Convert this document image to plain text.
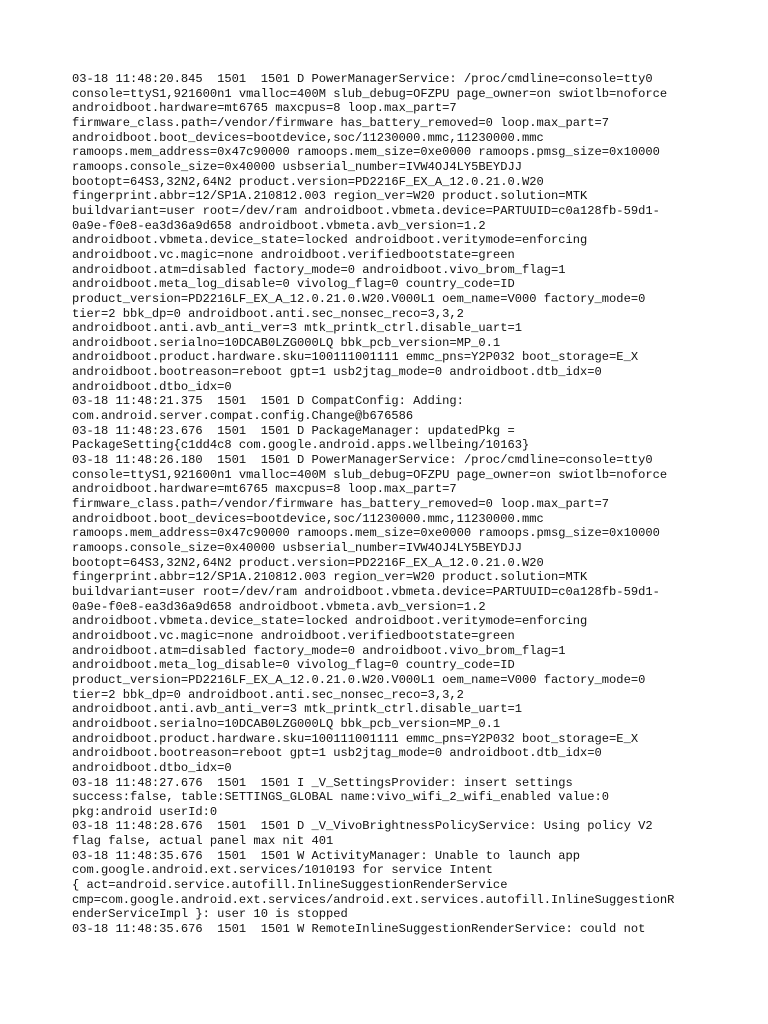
03-18 11:48:20.845  1501  1501 D PowerManagerService: /proc/cmdline=console=tty0
console=ttyS1,921600n1 vmalloc=400M slub_debug=OFZPU page_owner=on swiotlb=noforce
androidboot.hardware=mt6765 maxcpus=8 loop.max_part=7
firmware_class.path=/vendor/firmware has_battery_removed=0 loop.max_part=7
androidboot.boot_devices=bootdevice,soc/11230000.mmc,11230000.mmc
ramoops.mem_address=0x47c90000 ramoops.mem_size=0xe0000 ramoops.pmsg_size=0x10000
ramoops.console_size=0x40000 usbserial_number=IVW4OJ4LY5BEYDJJ
bootopt=64S3,32N2,64N2 product.version=PD2216F_EX_A_12.0.21.0.W20
fingerprint.abbr=12/SP1A.210812.003 region_ver=W20 product.solution=MTK
buildvariant=user root=/dev/ram androidboot.vbmeta.device=PARTUUID=c0a128fb-59d1-
0a9e-f0e8-ea3d36a9d658 androidboot.vbmeta.avb_version=1.2
androidboot.vbmeta.device_state=locked androidboot.veritymode=enforcing
androidboot.vc.magic=none androidboot.verifiedbootstate=green
androidboot.atm=disabled factory_mode=0 androidboot.vivo_brom_flag=1
androidboot.meta_log_disable=0 vivolog_flag=0 country_code=ID
product_version=PD2216LF_EX_A_12.0.21.0.W20.V000L1 oem_name=V000 factory_mode=0
tier=2 bbk_dp=0 androidboot.anti.sec_nonsec_reco=3,3,2
androidboot.anti.avb_anti_ver=3 mtk_printk_ctrl.disable_uart=1
androidboot.serialno=10DCAB0LZG000LQ bbk_pcb_version=MP_0.1
androidboot.product.hardware.sku=100111001111 emmc_pns=Y2P032 boot_storage=E_X
androidboot.bootreason=reboot gpt=1 usb2jtag_mode=0 androidboot.dtb_idx=0
androidboot.dtbo_idx=0
03-18 11:48:21.375  1501  1501 D CompatConfig: Adding:
com.android.server.compat.config.Change@b676586
03-18 11:48:23.676  1501  1501 D PackageManager: updatedPkg =
PackageSetting{c1dd4c8 com.google.android.apps.wellbeing/10163}
03-18 11:48:26.180  1501  1501 D PowerManagerService: /proc/cmdline=console=tty0
console=ttyS1,921600n1 vmalloc=400M slub_debug=OFZPU page_owner=on swiotlb=noforce
androidboot.hardware=mt6765 maxcpus=8 loop.max_part=7
firmware_class.path=/vendor/firmware has_battery_removed=0 loop.max_part=7
androidboot.boot_devices=bootdevice,soc/11230000.mmc,11230000.mmc
ramoops.mem_address=0x47c90000 ramoops.mem_size=0xe0000 ramoops.pmsg_size=0x10000
ramoops.console_size=0x40000 usbserial_number=IVW4OJ4LY5BEYDJJ
bootopt=64S3,32N2,64N2 product.version=PD2216F_EX_A_12.0.21.0.W20
fingerprint.abbr=12/SP1A.210812.003 region_ver=W20 product.solution=MTK
buildvariant=user root=/dev/ram androidboot.vbmeta.device=PARTUUID=c0a128fb-59d1-
0a9e-f0e8-ea3d36a9d658 androidboot.vbmeta.avb_version=1.2
androidboot.vbmeta.device_state=locked androidboot.veritymode=enforcing
androidboot.vc.magic=none androidboot.verifiedbootstate=green
androidboot.atm=disabled factory_mode=0 androidboot.vivo_brom_flag=1
androidboot.meta_log_disable=0 vivolog_flag=0 country_code=ID
product_version=PD2216LF_EX_A_12.0.21.0.W20.V000L1 oem_name=V000 factory_mode=0
tier=2 bbk_dp=0 androidboot.anti.sec_nonsec_reco=3,3,2
androidboot.anti.avb_anti_ver=3 mtk_printk_ctrl.disable_uart=1
androidboot.serialno=10DCAB0LZG000LQ bbk_pcb_version=MP_0.1
androidboot.product.hardware.sku=100111001111 emmc_pns=Y2P032 boot_storage=E_X
androidboot.bootreason=reboot gpt=1 usb2jtag_mode=0 androidboot.dtb_idx=0
androidboot.dtbo_idx=0
03-18 11:48:27.676  1501  1501 I _V_SettingsProvider: insert settings
success:false, table:SETTINGS_GLOBAL name:vivo_wifi_2_wifi_enabled value:0
pkg:android userId:0
03-18 11:48:28.676  1501  1501 D _V_VivoBrightnessPolicyService: Using policy V2
flag false, actual panel max nit 401
03-18 11:48:35.676  1501  1501 W ActivityManager: Unable to launch app
com.google.android.ext.services/1010193 for service Intent
{ act=android.service.autofill.InlineSuggestionRenderService
cmp=com.google.android.ext.services/android.ext.services.autofill.InlineSuggestionR
enderServiceImpl }: user 10 is stopped
03-18 11:48:35.676  1501  1501 W RemoteInlineSuggestionRenderService: could not
